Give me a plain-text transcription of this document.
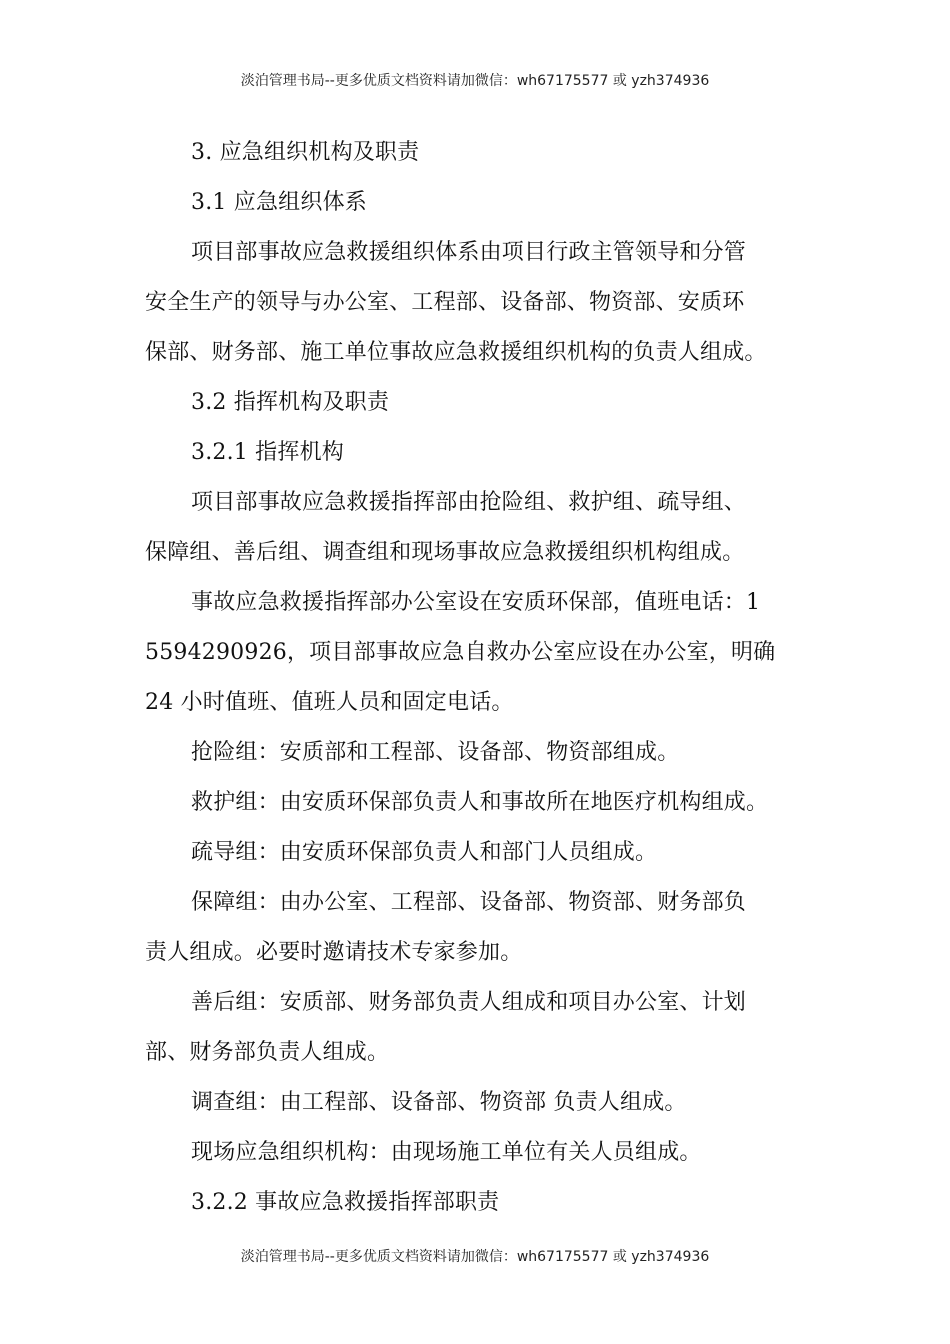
淡泊管理书局--更多优质文档资料请加微信：wh67175577 或 yzh374936
3. 应急组织机构及职责
3.1 应急组织体系
项目部事故应急救援组织体系由项目行政主管领导和分管
安全生产的领导与办公室、工程部、设备部、物资部、安质环
保部、财务部、施工单位事故应急救援组织机构的负责人组成。
3.2 指挥机构及职责
3.2.1 指挥机构
项目部事故应急救援指挥部由抢险组、救护组、疏导组、
保障组、善后组、调查组和现场事故应急救援组织机构组成。
事故应急救援指挥部办公室设在安质环保部，值班电话：1
5594290926，项目部事故应急自救办公室应设在办公室，明确
24 小时值班、值班人员和固定电话。
抢险组：安质部和工程部、设备部、物资部组成。
救护组：由安质环保部负责人和事故所在地医疗机构组成。
疏导组：由安质环保部负责人和部门人员组成。
保障组：由办公室、工程部、设备部、物资部、财务部负
责人组成。必要时邀请技术专家参加。
善后组：安质部、财务部负责人组成和项目办公室、计划
部、财务部负责人组成。
调查组：由工程部、设备部、物资部 负责人组成。
现场应急组织机构：由现场施工单位有关人员组成。
3.2.2 事故应急救援指挥部职责
淡泊管理书局--更多优质文档资料请加微信：wh67175577 或 yzh374936
